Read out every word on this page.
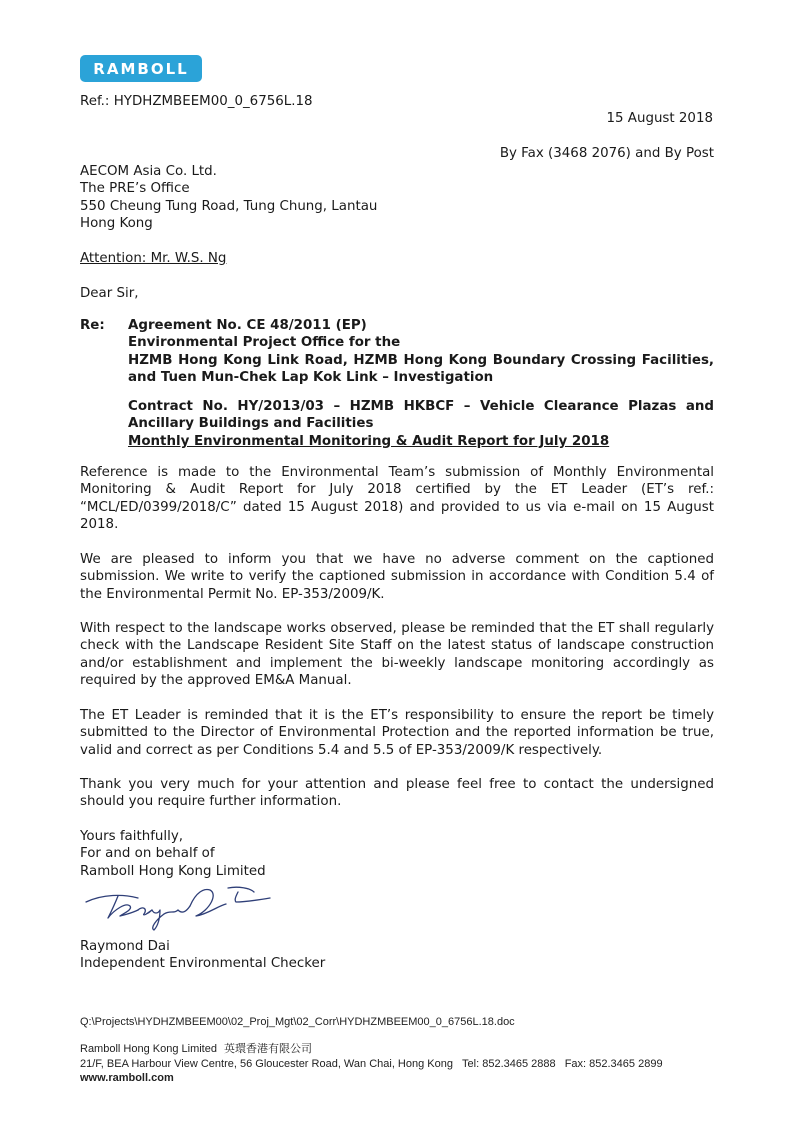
RAMBOLL
Ref.: HYDHZMBEEM00_0_6756L.18
15 August 2018
By Fax (3468 2076) and By Post
AECOM Asia Co. Ltd.
The PRE’s Office
550 Cheung Tung Road, Tung Chung, Lantau
Hong Kong
Attention: Mr. W.S. Ng
Dear Sir,
Re: Agreement No. CE 48/2011 (EP)
Environmental Project Office for the
HZMB Hong Kong Link Road, HZMB Hong Kong Boundary Crossing Facilities,
and Tuen Mun-Chek Lap Kok Link – Investigation
Contract No. HY/2013/03 – HZMB HKBCF – Vehicle Clearance Plazas and
Ancillary Buildings and Facilities
Monthly Environmental Monitoring & Audit Report for July 2018
Reference is made to the Environmental Team’s submission of Monthly Environmental
Monitoring & Audit Report for July 2018 certified by the ET Leader (ET’s ref.:
“MCL/ED/0399/2018/C” dated 15 August 2018) and provided to us via e-mail on 15 August
2018.
We are pleased to inform you that we have no adverse comment on the captioned
submission. We write to verify the captioned submission in accordance with Condition 5.4 of
the Environmental Permit No. EP-353/2009/K.
With respect to the landscape works observed, please be reminded that the ET shall regularly
check with the Landscape Resident Site Staff on the latest status of landscape construction
and/or establishment and implement the bi-weekly landscape monitoring accordingly as
required by the approved EM&A Manual.
The ET Leader is reminded that it is the ET’s responsibility to ensure the report be timely
submitted to the Director of Environmental Protection and the reported information be true,
valid and correct as per Conditions 5.4 and 5.5 of EP-353/2009/K respectively.
Thank you very much for your attention and please feel free to contact the undersigned
should you require further information.
Yours faithfully,
For and on behalf of
Ramboll Hong Kong Limited
Raymond Dai
Independent Environmental Checker
Q:\Projects\HYDHZMBEEM00\02_Proj_Mgt\02_Corr\HYDHZMBEEM00_0_6756L.18.doc
Ramboll Hong Kong Limited 英環香港有限公司
21/F, BEA Harbour View Centre, 56 Gloucester Road, Wan Chai, Hong Kong Tel: 852.3465 2888 Fax: 852.3465 2899
www.ramboll.com
